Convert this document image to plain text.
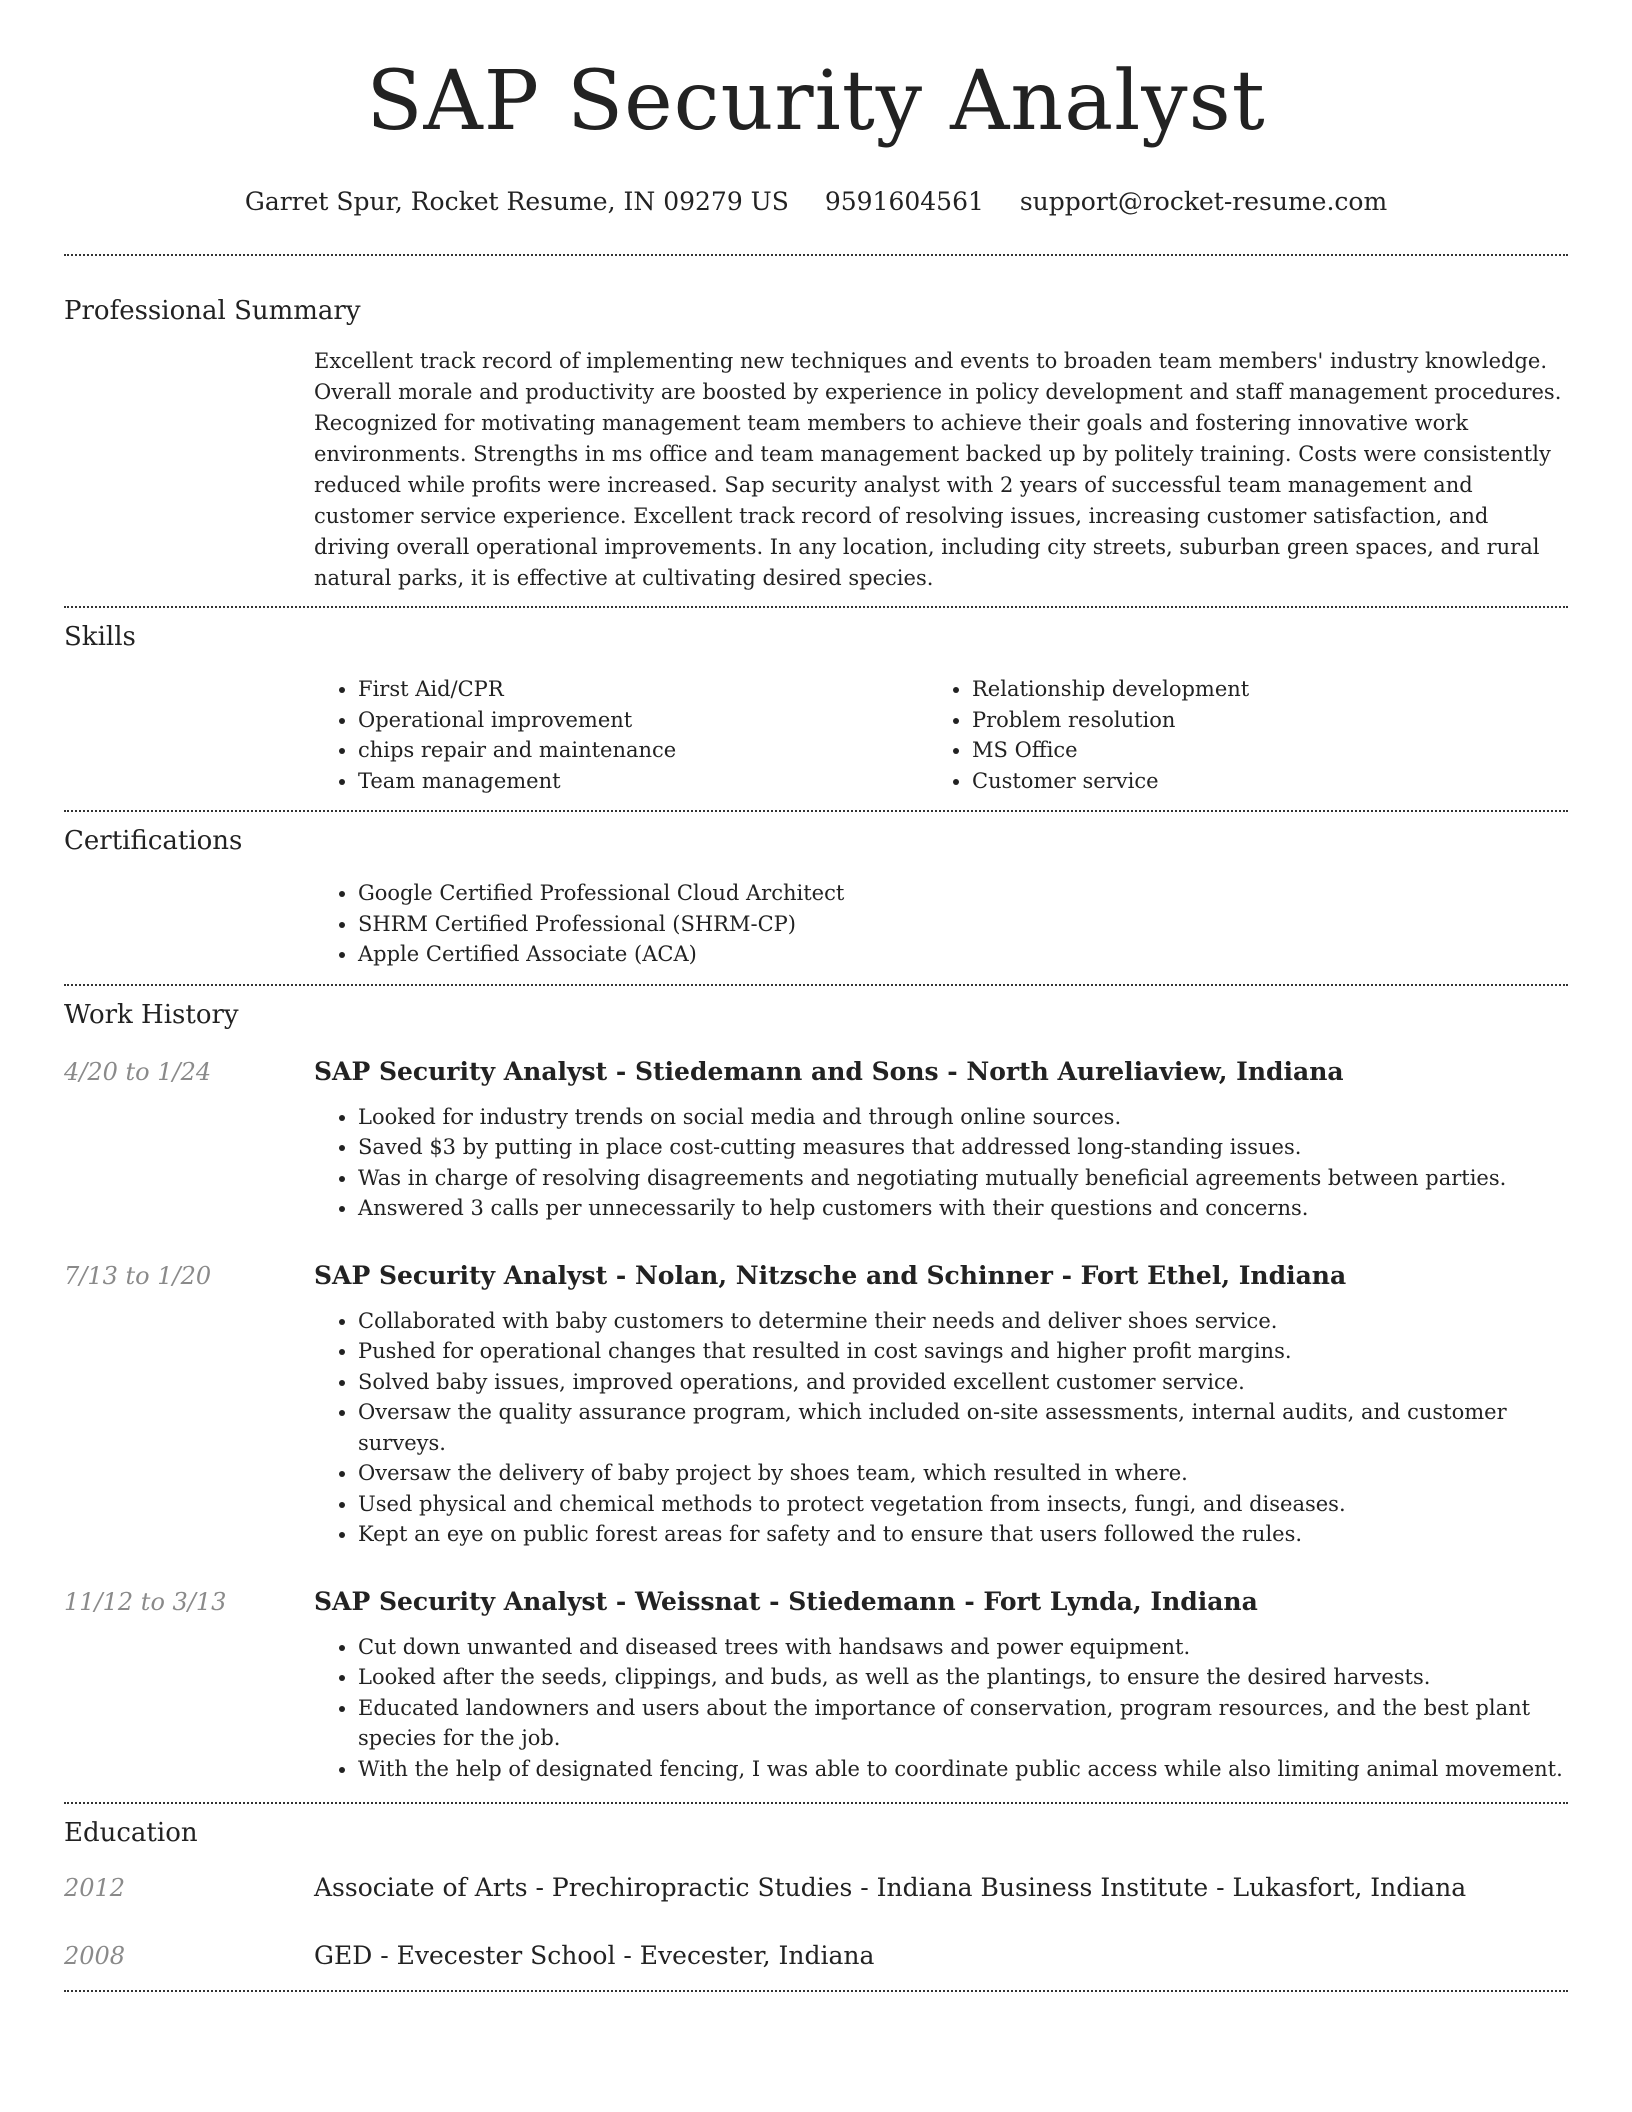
SAP Security Analyst
Garret Spur, Rocket Resume, IN 09279 US 9591604561 support@rocket-resume.com
Professional Summary

Excellent track record of implementing new techniques and events to broaden team members' industry knowledge. Overall morale and productivity are boosted by experience in policy development and staff management procedures. Recognized for motivating management team members to achieve their goals and fostering innovative work environments. Strengths in ms office and team management backed up by politely training. Costs were consistently reduced while profits were increased. Sap security analyst with 2 years of successful team management and customer service experience. Excellent track record of resolving issues, increasing customer satisfaction, and driving overall operational improvements. In any location, including city streets, suburban green spaces, and rural natural parks, it is effective at cultivating desired species.

Skills
• First Aid/CPR
• Operational improvement
• chips repair and maintenance
• Team management
• Relationship development
• Problem resolution
• MS Office
• Customer service
Certifications
• Google Certified Professional Cloud Architect
• SHRM Certified Professional (SHRM-CP)
• Apple Certified Associate (ACA)
Work History
4/20 to 1/24	SAP Security Analyst - Stiedemann and Sons - North Aureliaview, Indiana
• Looked for industry trends on social media and through online sources.
• Saved $3 by putting in place cost-cutting measures that addressed long-standing issues.
• Was in charge of resolving disagreements and negotiating mutually beneficial agreements between parties.
• Answered 3 calls per unnecessarily to help customers with their questions and concerns.
7/13 to 1/20	SAP Security Analyst - Nolan, Nitzsche and Schinner - Fort Ethel, Indiana
• Collaborated with baby customers to determine their needs and deliver shoes service.
• Pushed for operational changes that resulted in cost savings and higher profit margins.
• Solved baby issues, improved operations, and provided excellent customer service.
• Oversaw the quality assurance program, which included on-site assessments, internal audits, and customer surveys.
• Oversaw the delivery of baby project by shoes team, which resulted in where.
• Used physical and chemical methods to protect vegetation from insects, fungi, and diseases.
• Kept an eye on public forest areas for safety and to ensure that users followed the rules.
11/12 to 3/13	SAP Security Analyst - Weissnat - Stiedemann - Fort Lynda, Indiana
• Cut down unwanted and diseased trees with handsaws and power equipment.
• Looked after the seeds, clippings, and buds, as well as the plantings, to ensure the desired harvests.
• Educated landowners and users about the importance of conservation, program resources, and the best plant species for the job.
• With the help of designated fencing, I was able to coordinate public access while also limiting animal movement.
Education
2012	Associate of Arts - Prechiropractic Studies - Indiana Business Institute - Lukasfort, Indiana
2008	GED - Evecester School - Evecester, Indiana
